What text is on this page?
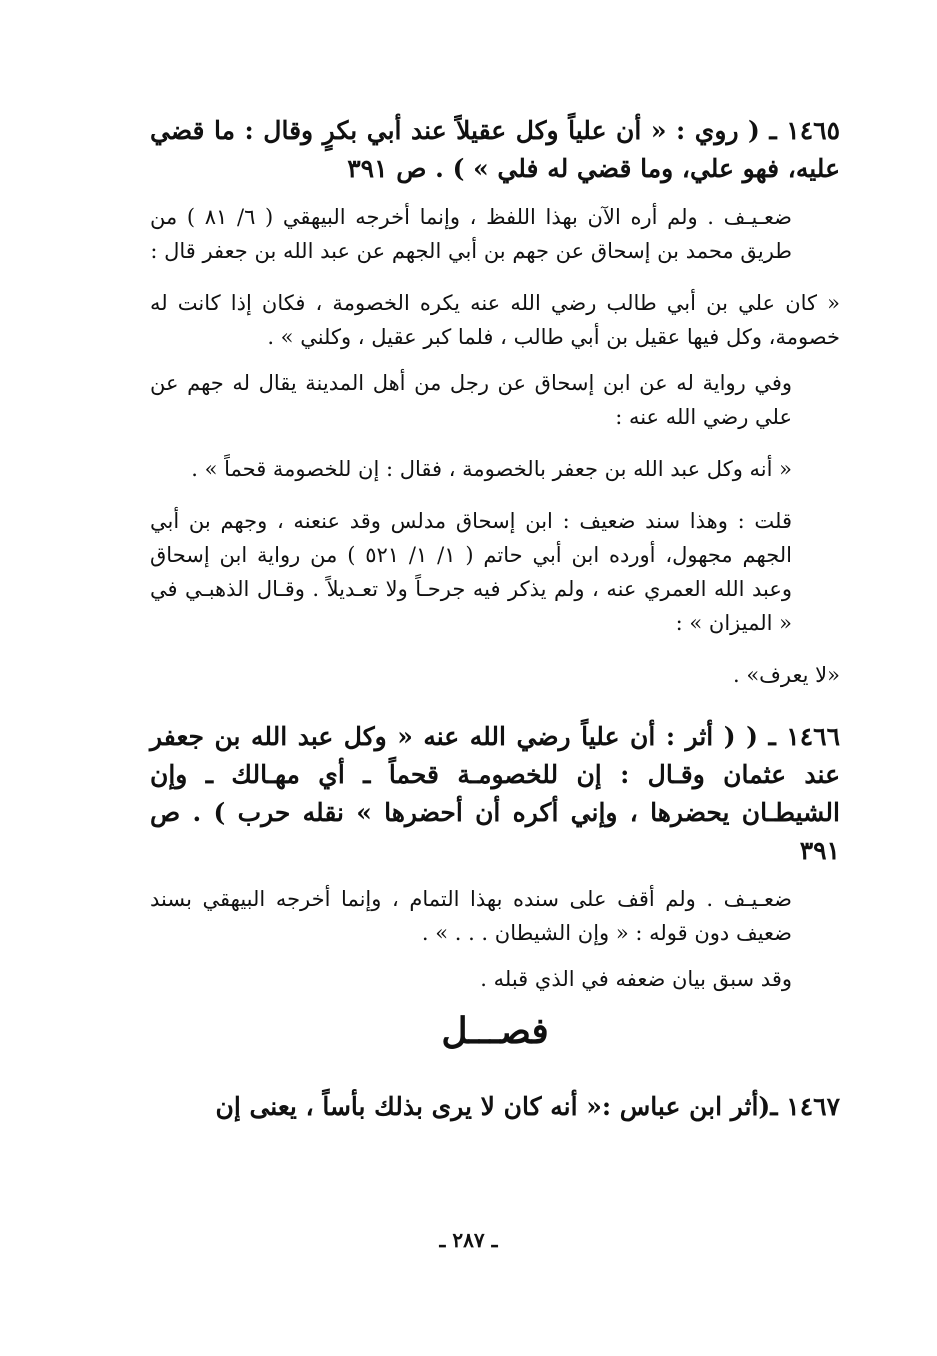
١٤٦٥ ـ ( روي : « أن علياً وكل عقيلاً عند أبي بكرٍ وقال : ما قضي عليه، فهو علي، وما قضي له فلي » ) . ص ٣٩١

ضعـيـف . ولم أره الآن بهذا اللفظ ، وإنما أخرجه البيهقي ( ٦/ ٨١ ) من طريق محمد بن إسحاق عن جهم بن أبي الجهم عن عبد الله بن جعفر قال :

« كان علي بن أبي طالب رضي الله عنه يكره الخصومة ، فكان إذا كانت له خصومة، وكل فيها عقيل بن أبي طالب ، فلما كبر عقيل ، وكلني » .

وفي رواية له عن ابن إسحاق عن رجل من أهل المدينة يقال له جهم عن علي رضي الله عنه :

« أنه وكل عبد الله بن جعفر بالخصومة ، فقال : إن للخصومة قحماً » .

قلت : وهذا سند ضعيف : ابن إسحاق مدلس وقد عنعنه ، وجهم بن أبي الجهم مجهول، أورده ابن أبي حاتم ( ١/ ١/ ٥٢١ ) من رواية ابن إسحاق وعبد الله العمري عنه ، ولم يذكر فيه جرحـاً ولا تعـديلاً . وقـال الذهبـي في « الميزان » :

«لا يعرف» .

١٤٦٦ ـ ( ( أثر : أن علياً رضي الله عنه « وكل عبد الله بن جعفر عند عثمان وقـال : إن للخصومـة قحماً ـ أي مهـالك ـ وإن الشيطـان يحضرها ، وإني أكره أن أحضرها » نقله حرب ) . ص ٣٩١

ضعـيـف . ولم أقف على سنده بهذا التمام ، وإنما أخرجه البيهقي بسند ضعيف دون قوله : « وإن الشيطان . . . » .

وقد سبق بيان ضعفه في الذي قبله .

فصـــل

١٤٦٧ ـ(أثر ابن عباس :« أنه كان لا يرى بذلك بأساً ، يعنى إن

ـ ٢٨٧ ـ
